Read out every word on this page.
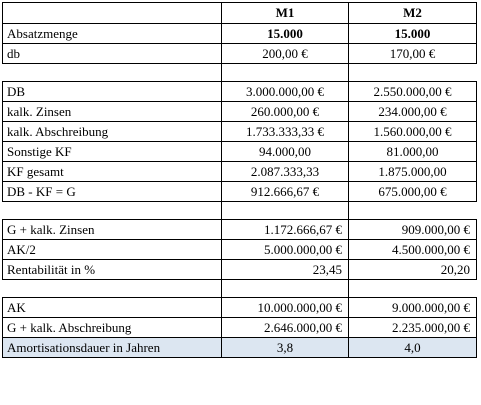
	M1	M2
Absatzmenge	15.000	15.000
db	200,00 €	170,00 €

DB	3.000.000,00 €	2.550.000,00 €
kalk. Zinsen	260.000,00 €	234.000,00 €
kalk. Abschreibung	1.733.333,33 €	1.560.000,00 €
Sonstige KF	94.000,00	81.000,00
KF gesamt	2.087.333,33	1.875.000,00
DB - KF = G	912.666,67 €	675.000,00 €

G + kalk. Zinsen	1.172.666,67 €	909.000,00 €
AK/2	5.000.000,00 €	4.500.000,00 €
Rentabilität in %	23,45	20,20

AK	10.000.000,00 €	9.000.000,00 €
G + kalk. Abschreibung	2.646.000,00 €	2.235.000,00 €
Amortisationsdauer in Jahren	3,8	4,0
